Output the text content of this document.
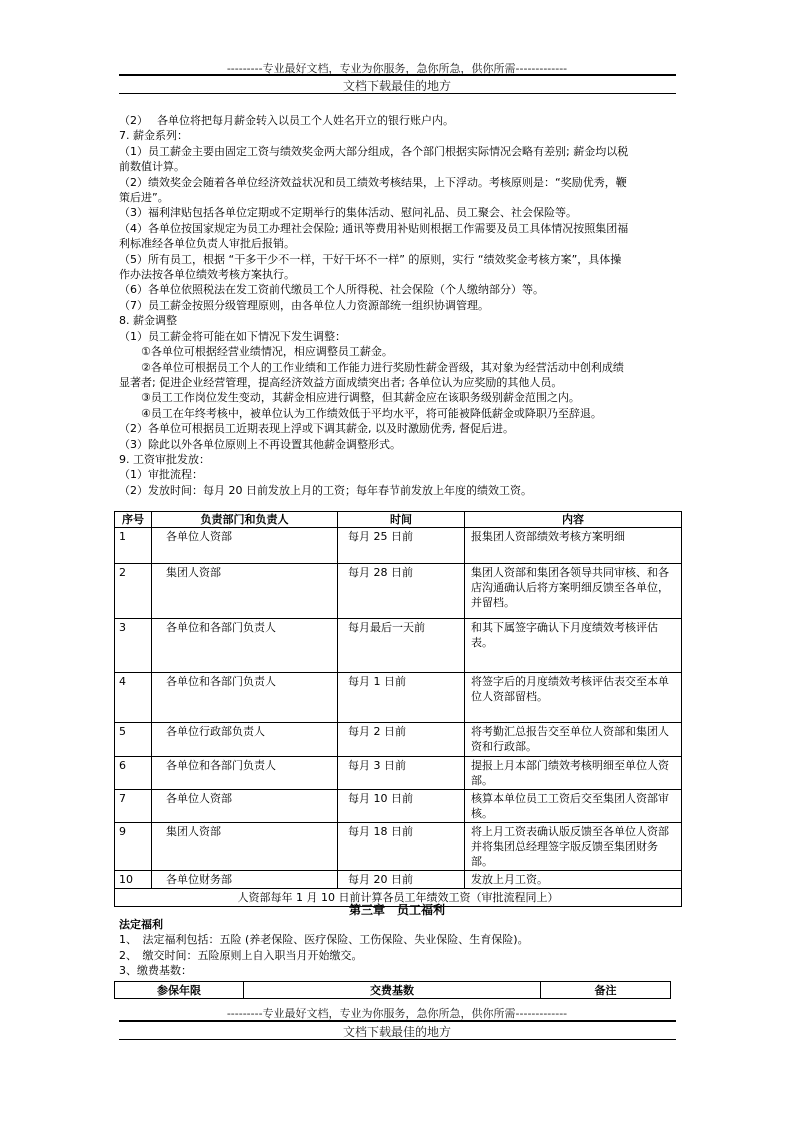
---------专业最好文档，专业为你服务，急你所急，供你所需-------------
文档下载最佳的地方

（2）　 各单位将把每月薪金转入以员工个人姓名开立的银行账户内。

7. 薪金系列：

（1）员工薪金主要由固定工资与绩效奖金两大部分组成，各个部门根据实际情况会略有差别; 薪金均以税

前数值计算。

（2）绩效奖金会随着各单位经济效益状况和员工绩效考核结果，上下浮动。考核原则是：“奖励优秀，鞭

策后进”。

（3）福利津贴包括各单位定期或不定期举行的集体活动、慰问礼品、员工聚会、社会保险等。

（4）各单位按国家规定为员工办理社会保险; 通讯等费用补贴则根据工作需要及员工具体情况按照集团福

利标准经各单位负责人审批后报销。

（5）所有员工，根据 “干多干少不一样，干好干坏不一样” 的原则，实行 “绩效奖金考核方案”，具体操

作办法按各单位绩效考核方案执行。

（6）各单位依照税法在发工资前代缴员工个人所得税、社会保险（个人缴纳部分）等。

（7）员工薪金按照分级管理原则，由各单位人力资源部统一组织协调管理。

8. 薪金调整

（1）员工薪金将可能在如下情况下发生调整：

①各单位可根据经营业绩情况，相应调整员工薪金。

②各单位可根据员工个人的工作业绩和工作能力进行奖励性薪金晋级，其对象为经营活动中创利成绩

显著者; 促进企业经营管理，提高经济效益方面成绩突出者; 各单位认为应奖励的其他人员。

③员工工作岗位发生变动，其薪金相应进行调整，但其薪金应在该职务级别薪金范围之内。

④员工在年终考核中，被单位认为工作绩效低于平均水平，将可能被降低薪金或降职乃至辞退。

（2）各单位可根据员工近期表现上浮或下调其薪金, 以及时激励优秀, 督促后进。

（3）除此以外各单位原则上不再设置其他薪金调整形式。

9. 工资审批发放：

（1）审批流程：

（2）发放时间：每月 20 日前发放上月的工资；每年春节前发放上年度的绩效工资。

序号	负责部门和负责人	时间	内容
1	各单位人资部	每月 25 日前	报集团人资部绩效考核方案明细
2	集团人资部	每月 28 日前	集团人资部和集团各领导共同审核、和各店沟通确认后将方案明细反馈至各单位，并留档。
3	各单位和各部门负责人	每月最后一天前	和其下属签字确认下月度绩效考核评估表。
4	各单位和各部门负责人	每月 1 日前	将签字后的月度绩效考核评估表交至本单位人资部留档。
5	各单位行政部负责人	每月 2 日前	将考勤汇总报告交至单位人资部和集团人资和行政部。
6	各单位和各部门负责人	每月 3 日前	提报上月本部门绩效考核明细至单位人资部。
7	各单位人资部	每月 10 日前	核算本单位员工工资后交至集团人资部审核。
9	集团人资部	每月 18 日前	将上月工资表确认版反馈至各单位人资部并将集团总经理签字版反馈至集团财务部。
10	各单位财务部	每月 20 日前	发放上月工资。
人资部每年 1 月 10 日前计算各员工年绩效工资（审批流程同上）			
第三章　员工福利

法定福利

1、　法定福利包括：五险 (养老保险、医疗保险、工伤保险、失业保险、生育保险)。

2、　缴交时间：五险原则上自入职当月开始缴交。

3、缴费基数：

参保年限	交费基数	备注
---------专业最好文档，专业为你服务，急你所急，供你所需-------------
文档下载最佳的地方
